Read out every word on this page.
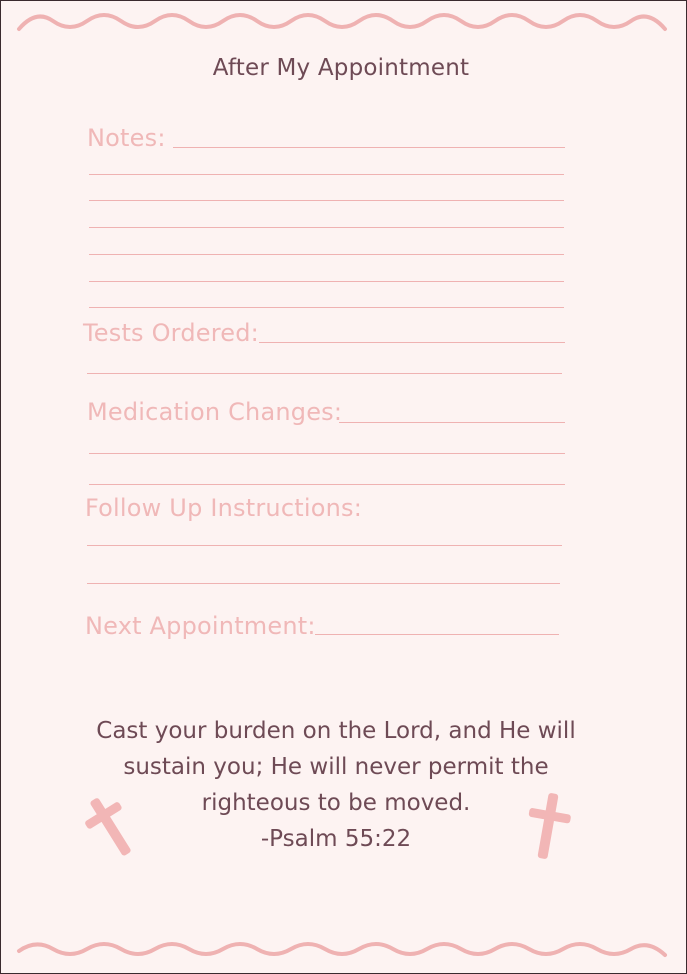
After My Appointment
Notes:
Tests Ordered:
Medication Changes:
Follow Up Instructions:
Next Appointment:
Cast your burden on the Lord, and He will
sustain you; He will never permit the
righteous to be moved.
-Psalm 55:22
